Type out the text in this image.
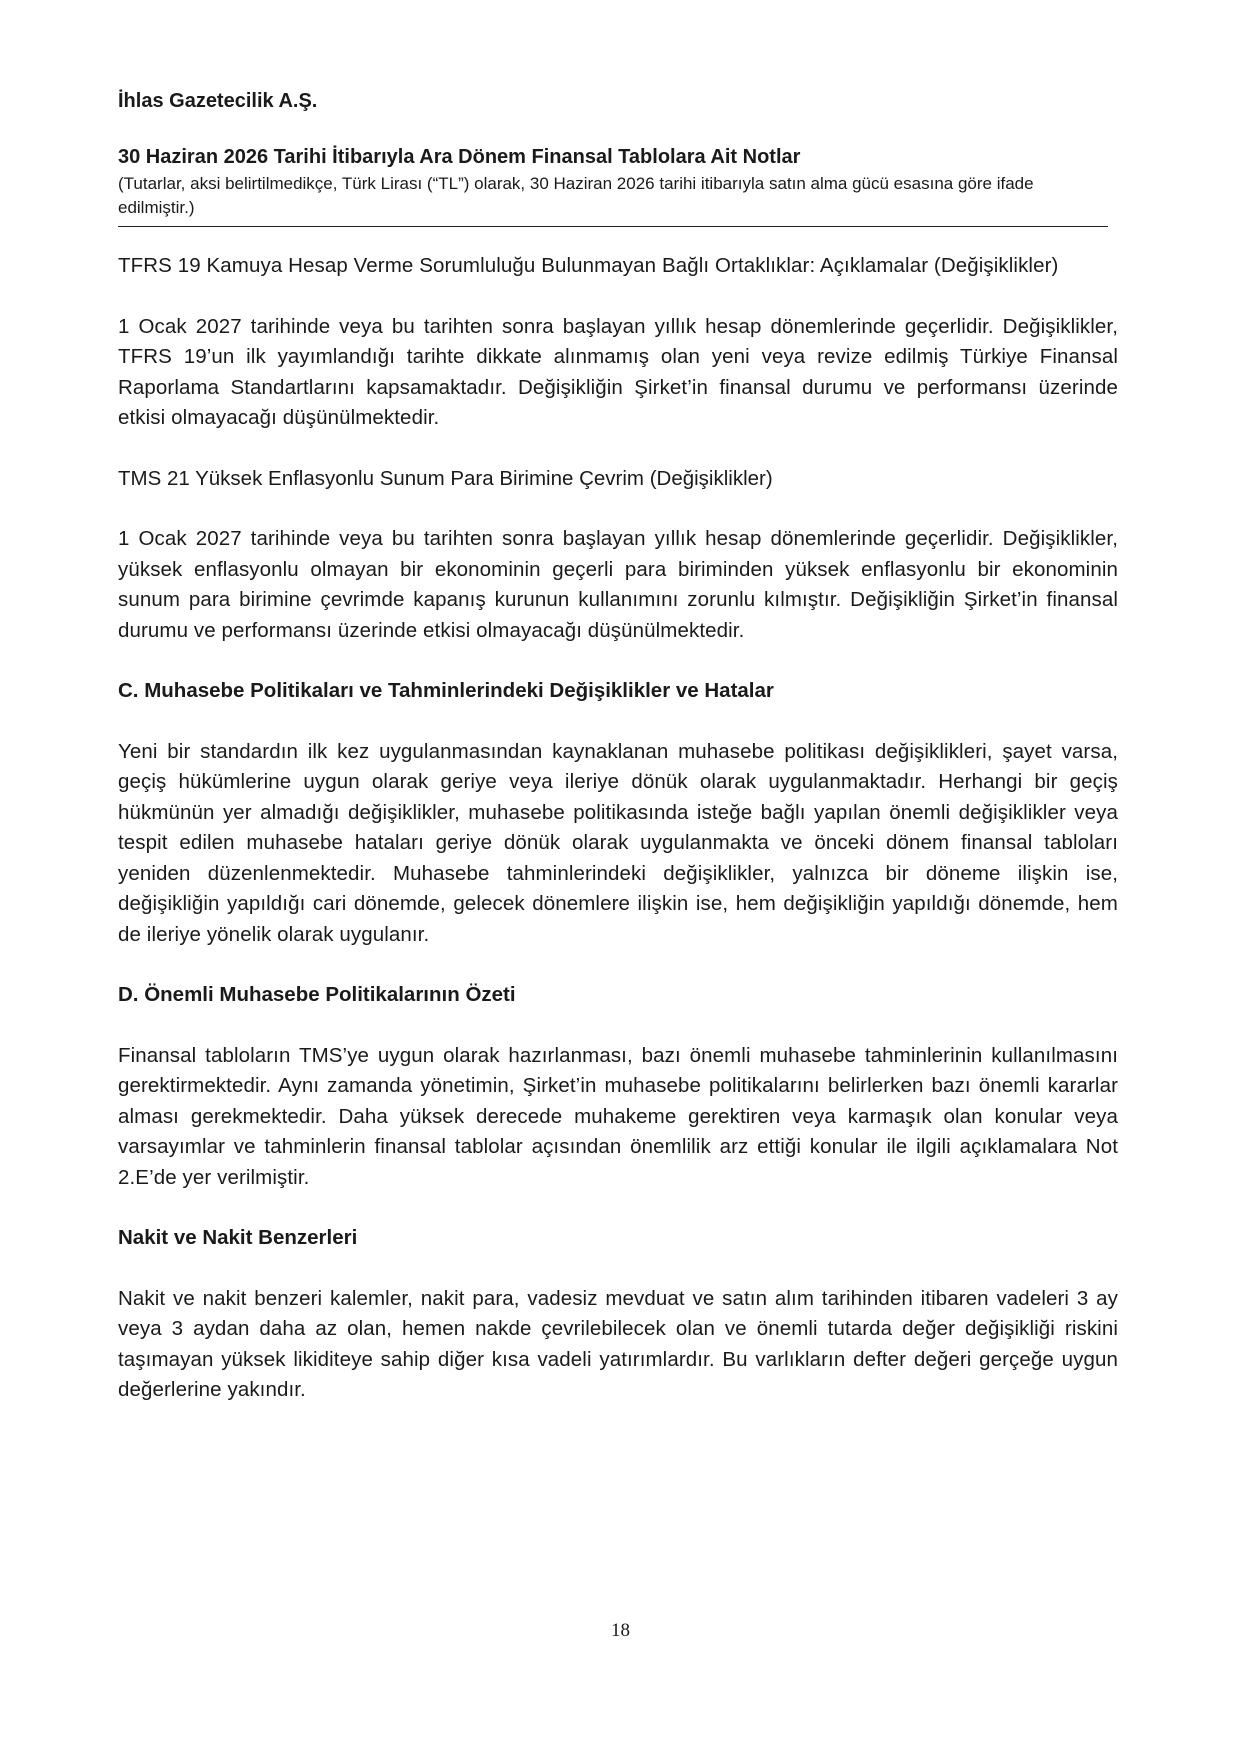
İhlas Gazetecilik A.Ş.
30 Haziran 2026 Tarihi İtibarıyla Ara Dönem Finansal Tablolara Ait Notlar
(Tutarlar, aksi belirtilmedikçe, Türk Lirası (“TL”) olarak, 30 Haziran 2026 tarihi itibarıyla satın alma gücü esasına göre ifade edilmiştir.)

TFRS 19 Kamuya Hesap Verme Sorumluluğu Bulunmayan Bağlı Ortaklıklar: Açıklamalar (Değişiklikler)

1 Ocak 2027 tarihinde veya bu tarihten sonra başlayan yıllık hesap dönemlerinde geçerlidir. Değişiklikler, TFRS 19’un ilk yayımlandığı tarihte dikkate alınmamış olan yeni veya revize edilmiş Türkiye Finansal Raporlama Standartlarını kapsamaktadır. Değişikliğin Şirket’in finansal durumu ve performansı üzerinde etkisi olmayacağı düşünülmektedir.

TMS 21 Yüksek Enflasyonlu Sunum Para Birimine Çevrim (Değişiklikler)

1 Ocak 2027 tarihinde veya bu tarihten sonra başlayan yıllık hesap dönemlerinde geçerlidir. Değişiklikler, yüksek enflasyonlu olmayan bir ekonominin geçerli para biriminden yüksek enflasyonlu bir ekonominin sunum para birimine çevrimde kapanış kurunun kullanımını zorunlu kılmıştır. Değişikliğin Şirket’in finansal durumu ve performansı üzerinde etkisi olmayacağı düşünülmektedir.

C. Muhasebe Politikaları ve Tahminlerindeki Değişiklikler ve Hatalar

Yeni bir standardın ilk kez uygulanmasından kaynaklanan muhasebe politikası değişiklikleri, şayet varsa, geçiş hükümlerine uygun olarak geriye veya ileriye dönük olarak uygulanmaktadır. Herhangi bir geçiş hükmünün yer almadığı değişiklikler, muhasebe politikasında isteğe bağlı yapılan önemli değişiklikler veya tespit edilen muhasebe hataları geriye dönük olarak uygulanmakta ve önceki dönem finansal tabloları yeniden düzenlenmektedir. Muhasebe tahminlerindeki değişiklikler, yalnızca bir döneme ilişkin ise, değişikliğin yapıldığı cari dönemde, gelecek dönemlere ilişkin ise, hem değişikliğin yapıldığı dönemde, hem de ileriye yönelik olarak uygulanır.

D. Önemli Muhasebe Politikalarının Özeti

Finansal tabloların TMS’ye uygun olarak hazırlanması, bazı önemli muhasebe tahminlerinin kullanılmasını gerektirmektedir. Aynı zamanda yönetimin, Şirket’in muhasebe politikalarını belirlerken bazı önemli kararlar alması gerekmektedir. Daha yüksek derecede muhakeme gerektiren veya karmaşık olan konular veya varsayımlar ve tahminlerin finansal tablolar açısından önemlilik arz ettiği konular ile ilgili açıklamalara Not 2.E’de yer verilmiştir.

Nakit ve Nakit Benzerleri

Nakit ve nakit benzeri kalemler, nakit para, vadesiz mevduat ve satın alım tarihinden itibaren vadeleri 3 ay veya 3 aydan daha az olan, hemen nakde çevrilebilecek olan ve önemli tutarda değer değişikliği riskini taşımayan yüksek likiditeye sahip diğer kısa vadeli yatırımlardır. Bu varlıkların defter değeri gerçeğe uygun değerlerine yakındır.

18
